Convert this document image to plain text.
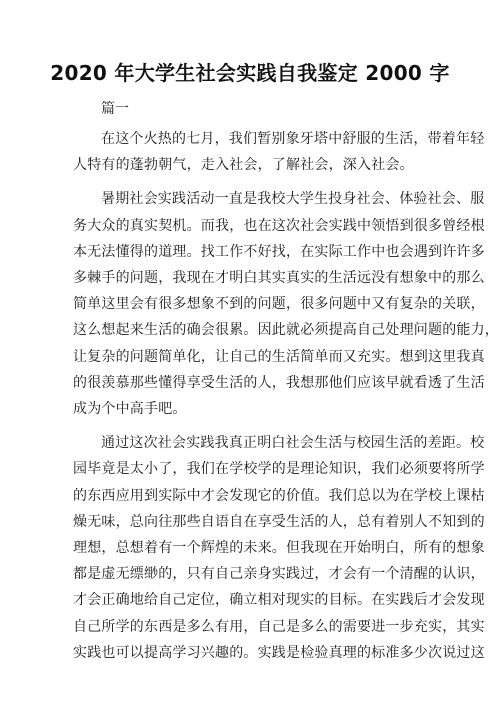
2020 年大学生社会实践自我鉴定 2000 字
篇一
在这个火热的七月，我们暂别象牙塔中舒服的生活，带着年轻
人特有的蓬勃朝气，走入社会，了解社会，深入社会。
暑期社会实践活动一直是我校大学生投身社会、体验社会、服
务大众的真实契机。而我，也在这次社会实践中领悟到很多曾经根
本无法懂得的道理。找工作不好找，在实际工作中也会遇到许许多
多棘手的问题，我现在才明白其实真实的生活远没有想象中的那么
简单这里会有很多想象不到的问题，很多问题中又有复杂的关联，
这么想起来生活的确会很累。因此就必须提高自己处理问题的能力，
让复杂的问题简单化，让自己的生活简单而又充实。想到这里我真
的很羡慕那些懂得享受生活的人，我想那他们应该早就看透了生活
成为个中高手吧。
通过这次社会实践我真正明白社会生活与校园生活的差距。校
园毕竟是太小了，我们在学校学的是理论知识，我们必须要将所学
的东西应用到实际中才会发现它的价值。我们总以为在学校上课枯
燥无味，总向往那些自语自在享受生活的人，总有着别人不知到的
理想，总想着有一个辉煌的未来。但我现在开始明白，所有的想象
都是虚无缥缈的，只有自己亲身实践过，才会有一个清醒的认识，
才会正确地给自己定位，确立相对现实的目标。在实践后才会发现
自己所学的东西是多么有用，自己是多么的需要进一步充实，其实
实践也可以提高学习兴趣的。实践是检验真理的标准多少次说过这
